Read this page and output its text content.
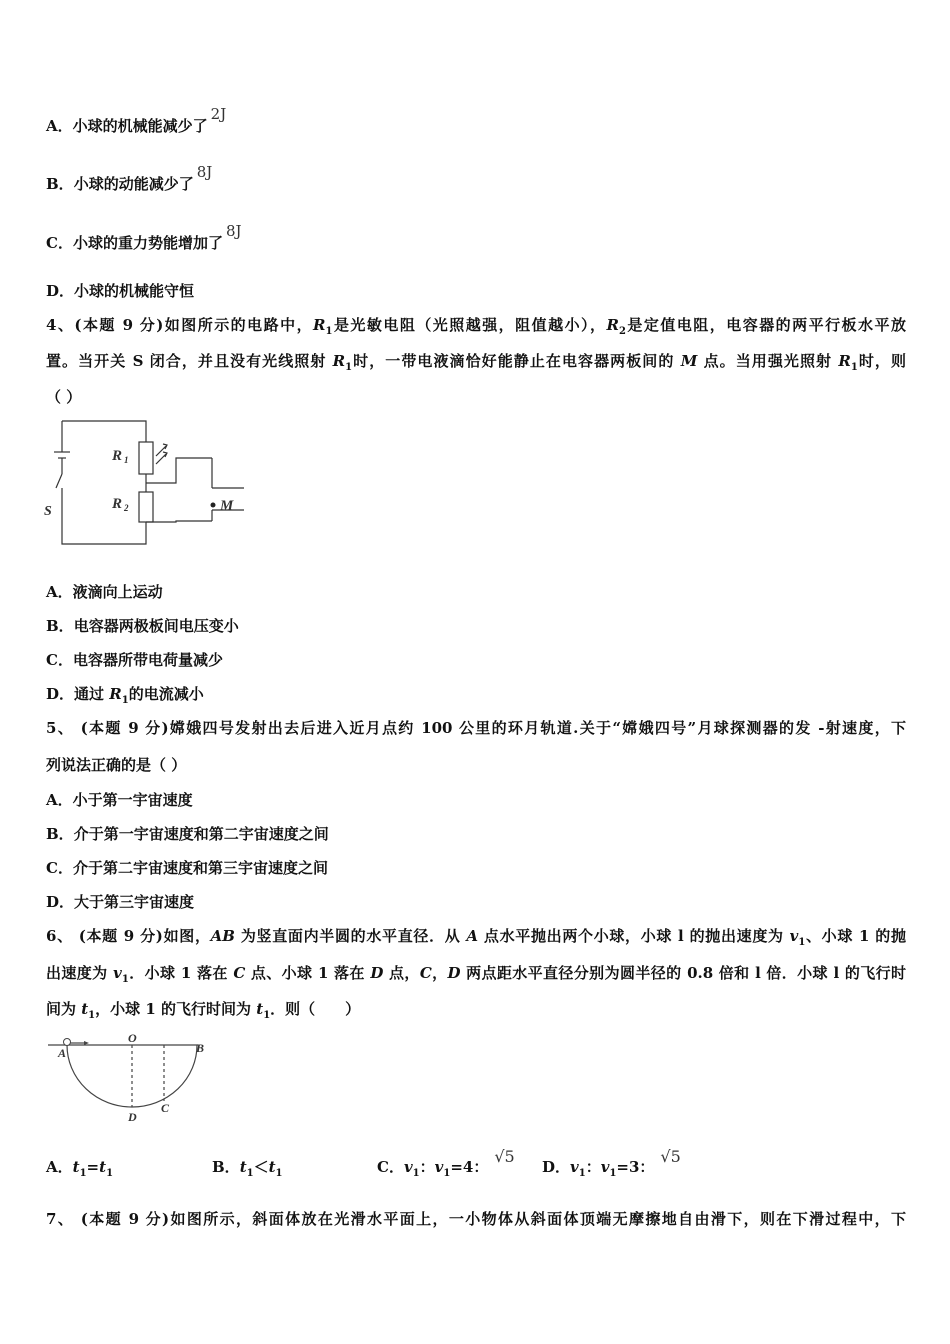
A．小球的机械能减少了2J
B．小球的动能减少了8J
C．小球的重力势能增加了8J
D．小球的机械能守恒
4、(本题 9 分)如图所示的电路中，$R_1$是光敏电阻（光照越强，阻值越小），$R_2$是定值电阻，电容器的两平行板水平放
置。当开关 S 闭合，并且没有光线照射 $R_1$时，一带电液滴恰好能静止在电容器两板间的 M 点。当用强光照射 $R_1$时，则
（ ）
R 1
R 2
S	M
A．液滴向上运动
B．电容器两极板间电压变小
C．电容器所带电荷量减少
D．通过 $R_1$的电流减小
5、 (本题 9 分)嫦娥四号发射出去后进入近月点约 100 公里的环月轨道.关于“嫦娥四号”月球探测器的发 -射速度，下
列说法正确的是（ ）
A．小于第一宇宙速度
B．介于第一宇宙速度和第二宇宙速度之间
C．介于第二宇宙速度和第三宇宙速度之间
D．大于第三宇宙速度
6、 (本题 9 分)如图，AB 为竖直面内半圆的水平直径．从 A 点水平抛出两个小球，小球 l 的抛出速度为 $v_1$、小球 1 的抛
出速度为 $v_1$．小球 1 落在 C 点、小球 1 落在 D 点，C，D 两点距水平直径分别为圆半径的 0.8 倍和 l 倍．小球 l 的飞行时
间为 $t_1$，小球 1 的飞行时间为 $t_1$．则（　　）
A
O
B
D
C
A．$t_1=t_1$	B．$t_1<t_1$	C．$v_1$：$v_1=4$：√5
D．$v_1$：$v_1=3$：√5
7、 (本题 9 分)如图所示，斜面体放在光滑水平面上，一小物体从斜面体顶端无摩擦地自由滑下，则在下滑过程中，下
